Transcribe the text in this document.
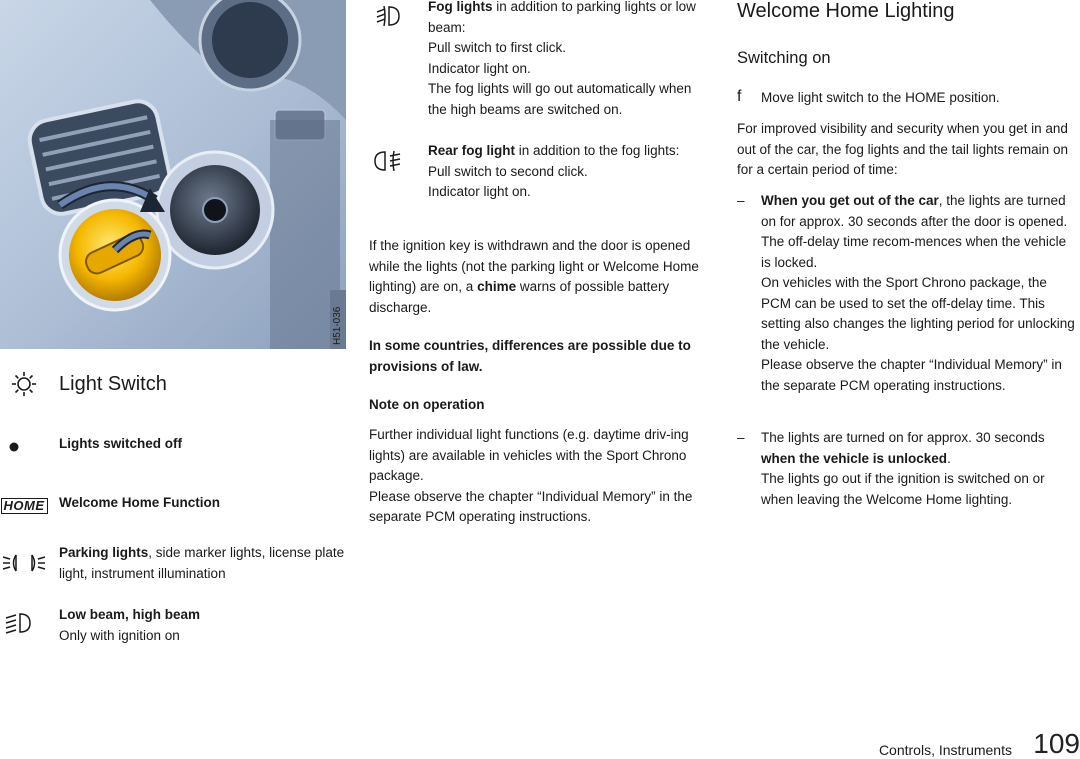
H51-036
Light Switch
Lights switched off
HOME Welcome Home Function
Parking lights, side marker lights, license plate light, instrument illumination
Low beam, high beam
Only with ignition on
Fog lights in addition to parking lights or low beam:
Pull switch to first click.
Indicator light on.
The fog lights will go out automatically when the high beams are switched on.
Rear fog light in addition to the fog lights:
Pull switch to second click.
Indicator light on.
If the ignition key is withdrawn and the door is opened while the lights (not the parking light or Welcome Home lighting) are on, a chime warns of possible battery discharge.
In some countries, differences are possible due to provisions of law.
Note on operation
Further individual light functions (e.g. daytime driv-ing lights) are available in vehicles with the Sport Chrono package.
Please observe the chapter “Individual Memory” in the separate PCM operating instructions.
Welcome Home Lighting
Switching on
f	Move light switch to the HOME position.
For improved visibility and security when you get in and out of the car, the fog lights and the tail lights remain on for a certain period of time:
–	When you get out of the car, the lights are turned on for approx. 30 seconds after the door is opened. The off-delay time recom-mences when the vehicle is locked.
On vehicles with the Sport Chrono package, the PCM can be used to set the off-delay time. This setting also changes the lighting period for unlocking the vehicle.
Please observe the chapter “Individual Memory” in the separate PCM operating instructions.
–	The lights are turned on for approx. 30 seconds when the vehicle is unlocked.
The lights go out if the ignition is switched on or when leaving the Welcome Home lighting.
Controls, Instruments 109
